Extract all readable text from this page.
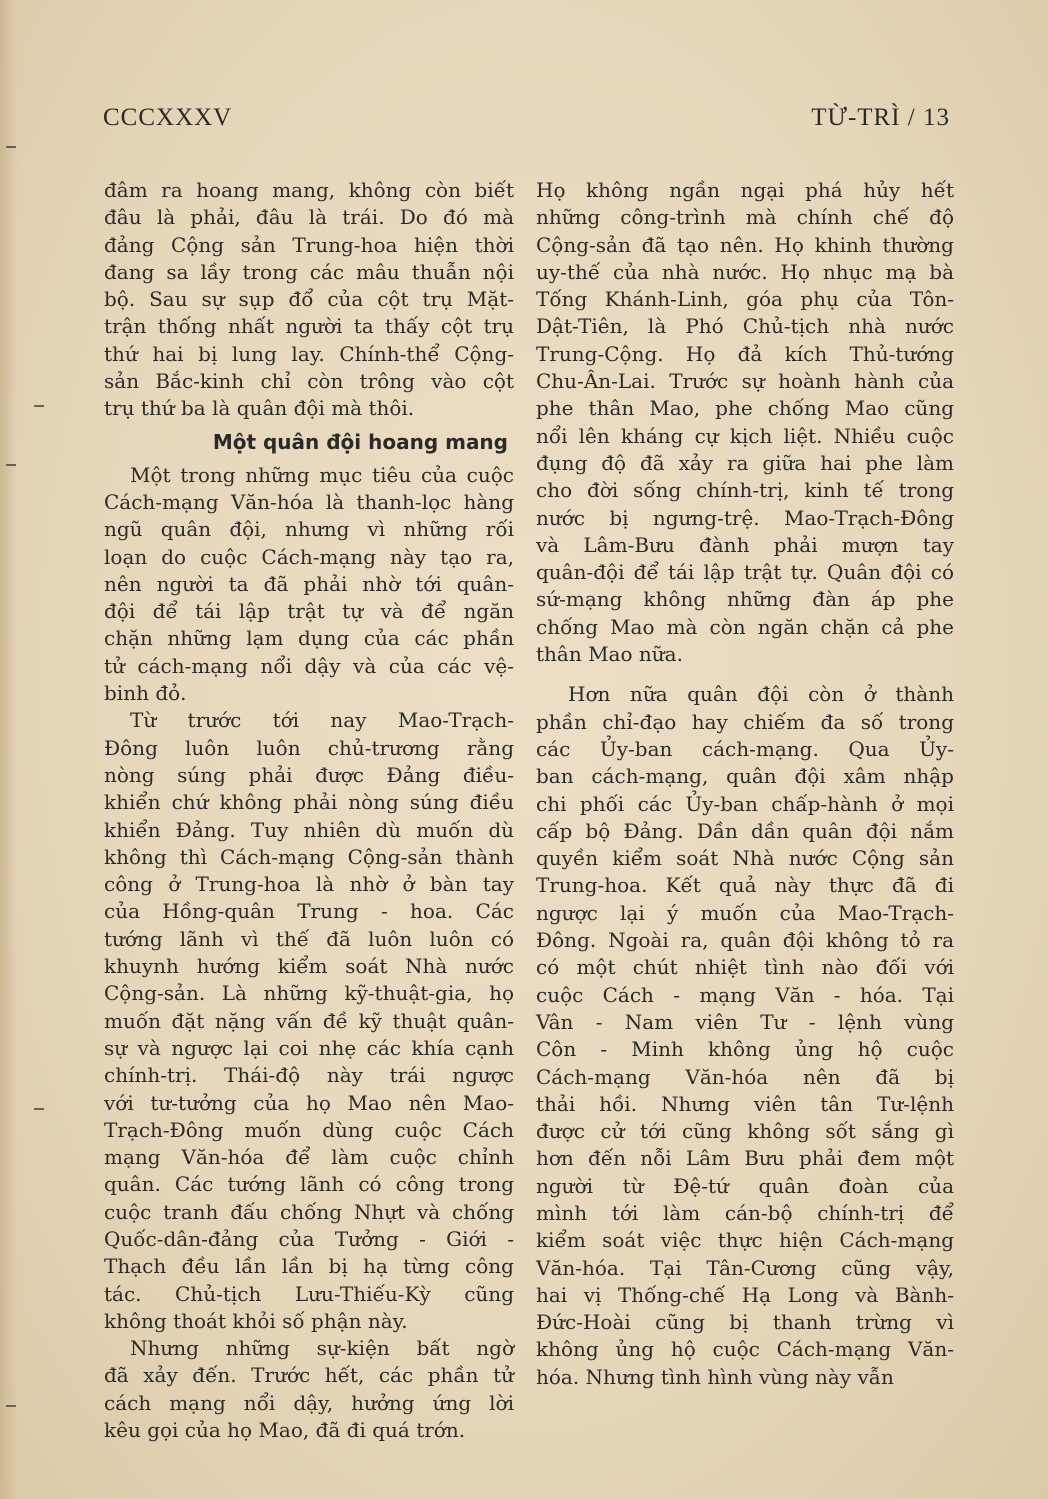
CCCXXXV	TỪ-TRÌ / 13

đâm ra hoang mang, không còn biết

đâu là phải, đâu là trái. Do đó mà

đảng Cộng sản Trung-hoa hiện thời

đang sa lầy trong các mâu thuẫn nội

bộ. Sau sự sụp đổ của cột trụ Mặt-

trận thống nhất người ta thấy cột trụ

thứ hai bị lung lay. Chính-thể Cộng-

sản Bắc-kinh chỉ còn trông vào cột

trụ thứ ba là quân đội mà thôi.

Một quân đội hoang mang

Một trong những mục tiêu của cuộc

Cách-mạng Văn-hóa là thanh-lọc hàng

ngũ quân đội, nhưng vì những rối

loạn do cuộc Cách-mạng này tạo ra,

nên người ta đã phải nhờ tới quân-

đội để tái lập trật tự và để ngăn

chặn những lạm dụng của các phần

tử cách-mạng nổi dậy và của các vệ-

binh đỏ.

Từ trước tới nay Mao-Trạch-

Đông luôn luôn chủ-trương rằng

nòng súng phải được Đảng điều-

khiển chứ không phải nòng súng điều

khiển Đảng. Tuy nhiên dù muốn dù

không thì Cách-mạng Cộng-sản thành

công ở Trung-hoa là nhờ ở bàn tay

của Hồng-quân Trung - hoa. Các

tướng lãnh vì thế đã luôn luôn có

khuynh hướng kiểm soát Nhà nước

Cộng-sản. Là những kỹ-thuật-gia, họ

muốn đặt nặng vấn đề kỹ thuật quân-

sự và ngược lại coi nhẹ các khía cạnh

chính-trị. Thái-độ này trái ngược

với tư-tưởng của họ Mao nên Mao-

Trạch-Đông muốn dùng cuộc Cách

mạng Văn-hóa để làm cuộc chỉnh

quân. Các tướng lãnh có công trong

cuộc tranh đấu chống Nhựt và chống

Quốc-dân-đảng của Tưởng - Giới -

Thạch đều lần lần bị hạ từng công

tác. Chủ-tịch Lưu-Thiếu-Kỳ cũng

không thoát khỏi số phận này.

Nhưng những sự-kiện bất ngờ

đã xảy đến. Trước hết, các phần tử

cách mạng nổi dậy, hưởng ứng lời

kêu gọi của họ Mao, đã đi quá trớn.

Họ không ngần ngại phá hủy hết

những công-trình mà chính chế độ

Cộng-sản đã tạo nên. Họ khinh thường

uy-thế của nhà nước. Họ nhục mạ bà

Tống Khánh-Linh, góa phụ của Tôn-

Dật-Tiên, là Phó Chủ-tịch nhà nước

Trung-Cộng. Họ đả kích Thủ-tướng

Chu-Ân-Lai. Trước sự hoành hành của

phe thân Mao, phe chống Mao cũng

nổi lên kháng cự kịch liệt. Nhiều cuộc

đụng độ đã xảy ra giữa hai phe làm

cho đời sống chính-trị, kinh tế trong

nước bị ngưng-trệ. Mao-Trạch-Đông

và Lâm-Bưu đành phải mượn tay

quân-đội để tái lập trật tự. Quân đội có

sứ-mạng không những đàn áp phe

chống Mao mà còn ngăn chặn cả phe

thân Mao nữa.

Hơn nữa quân đội còn ở thành

phần chỉ-đạo hay chiếm đa số trong

các Ủy-ban cách-mạng. Qua Ủy-

ban cách-mạng, quân đội xâm nhập

chi phối các Ủy-ban chấp-hành ở mọi

cấp bộ Đảng. Dần dần quân đội nắm

quyền kiểm soát Nhà nước Cộng sản

Trung-hoa. Kết quả này thực đã đi

ngược lại ý muốn của Mao-Trạch-

Đông. Ngoài ra, quân đội không tỏ ra

có một chút nhiệt tình nào đối với

cuộc Cách - mạng Văn - hóa. Tại

Vân - Nam viên Tư - lệnh vùng

Côn - Minh không ủng hộ cuộc

Cách-mạng Văn-hóa nên đã bị

thải hồi. Nhưng viên tân Tư-lệnh

được cử tới cũng không sốt sắng gì

hơn đến nỗi Lâm Bưu phải đem một

người từ Đệ-tứ quân đoàn của

mình tới làm cán-bộ chính-trị để

kiểm soát việc thực hiện Cách-mạng

Văn-hóa. Tại Tân-Cương cũng vậy,

hai vị Thống-chế Hạ Long và Bành-

Đức-Hoài cũng bị thanh trừng vì

không ủng hộ cuộc Cách-mạng Văn-

hóa. Nhưng tình hình vùng này vẫn
